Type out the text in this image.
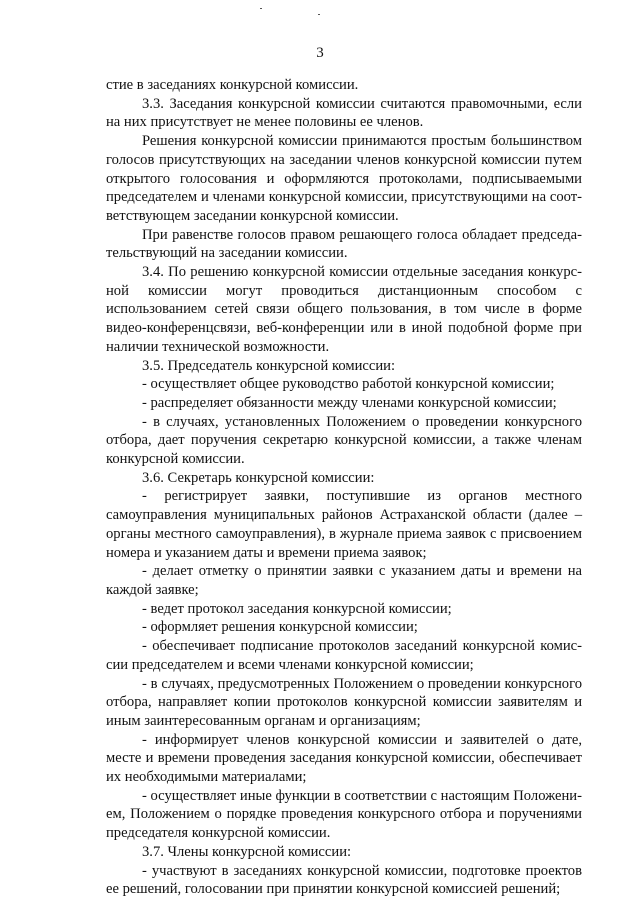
3

стие в заседаниях конкурсной комиссии.

3.3. Заседания конкурсной комиссии считаются правомочными, если на них присутствует не менее половины ее членов.

Решения конкурсной комиссии принимаются простым большинством голосов присутствующих на заседании членов конкурсной комиссии путем открытого голосования и оформляются протоколами, подписываемыми председателем и членами конкурсной комиссии, присутствующими на соответствующем заседании конкурсной комиссии.

При равенстве голосов правом решающего голоса обладает председательствующий на заседании комиссии.

3.4. По решению конкурсной комиссии отдельные заседания конкурсной комиссии могут проводиться дистанционным способом с использованием сетей связи общего пользования, в том числе в форме видео-конференцсвязи, веб-конференции или в иной подобной форме при наличии технической возможности.

3.5. Председатель конкурсной комиссии:

- осуществляет общее руководство работой конкурсной комиссии;

- распределяет обязанности между членами конкурсной комиссии;

- в случаях, установленных Положением о проведении конкурсного отбора, дает поручения секретарю конкурсной комиссии, а также членам конкурсной комиссии.

3.6. Секретарь конкурсной комиссии:

- регистрирует заявки, поступившие из органов местного самоуправления муниципальных районов Астраханской области (далее – органы местного самоуправления), в журнале приема заявок с присвоением номера и указанием даты и времени приема заявок;

- делает отметку о принятии заявки с указанием даты и времени на каждой заявке;

- ведет протокол заседания конкурсной комиссии;

- оформляет решения конкурсной комиссии;

- обеспечивает подписание протоколов заседаний конкурсной комиссии председателем и всеми членами конкурсной комиссии;

- в случаях, предусмотренных Положением о проведении конкурсного отбора, направляет копии протоколов конкурсной комиссии заявителям и иным заинтересованным органам и организациям;

- информирует членов конкурсной комиссии и заявителей о дате, месте и времени проведения заседания конкурсной комиссии, обеспечивает их необходимыми материалами;

- осуществляет иные функции в соответствии с настоящим Положением, Положением о порядке проведения конкурсного отбора и поручениями председателя конкурсной комиссии.

3.7. Члены конкурсной комиссии:

- участвуют в заседаниях конкурсной комиссии, подготовке проектов ее решений, голосовании при принятии конкурсной комиссией решений;
